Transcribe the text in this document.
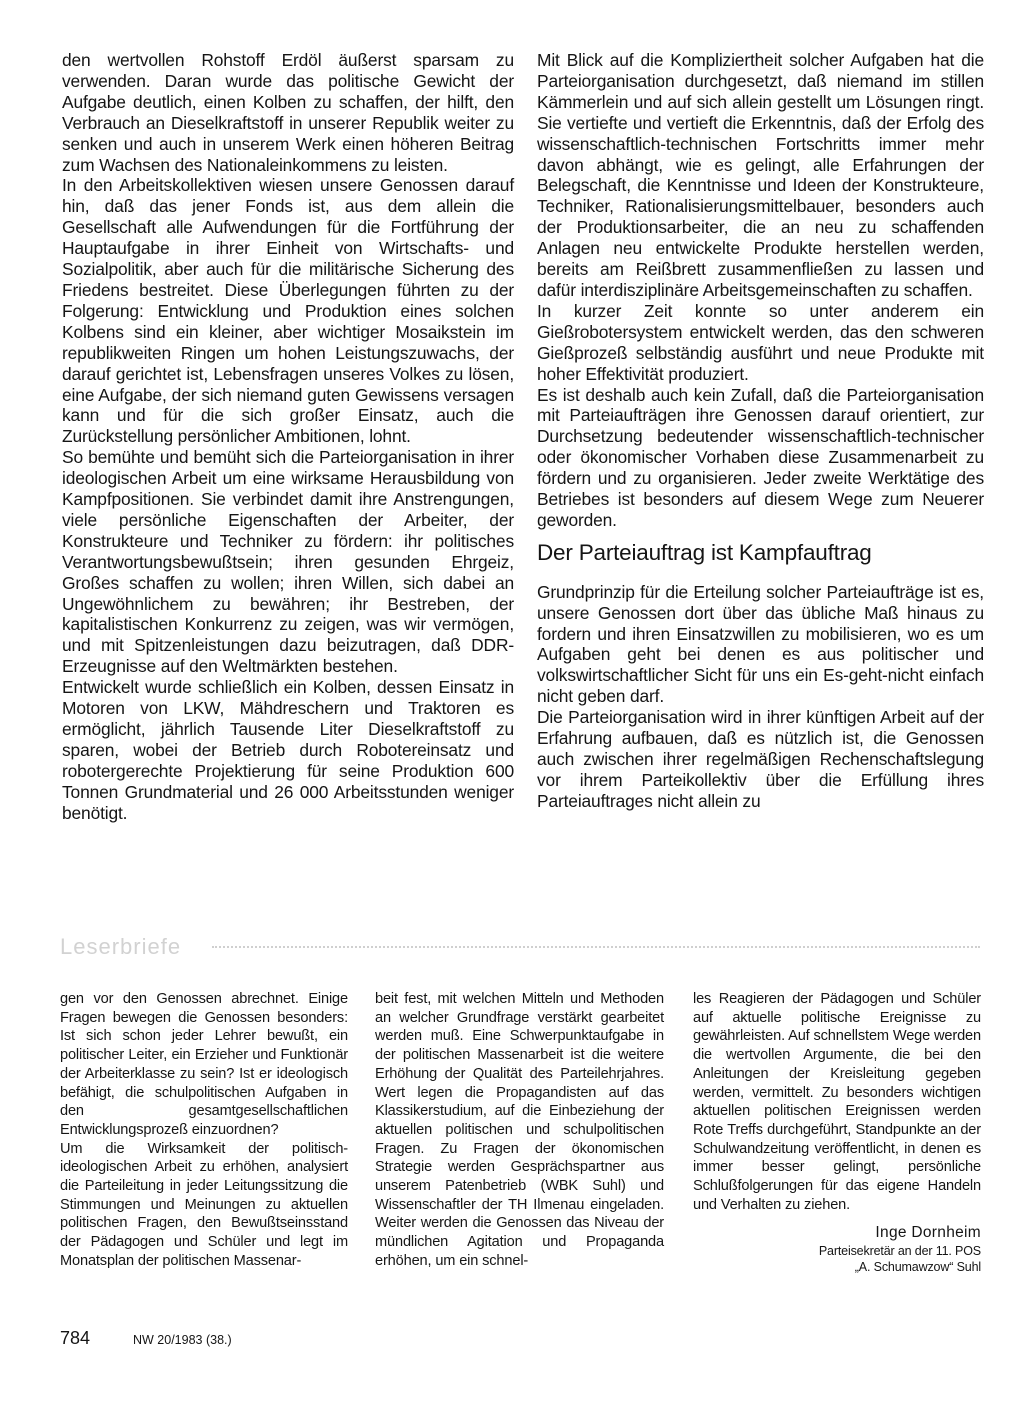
den wertvollen Rohstoff Erdöl äußerst sparsam zu verwenden. Daran wurde das politische Gewicht der Aufgabe deutlich, einen Kolben zu schaffen, der hilft, den Verbrauch an Dieselkraftstoff in unserer Republik weiter zu senken und auch in unserem Werk einen höheren Beitrag zum Wachsen des Nationaleinkommens zu leisten.

In den Arbeitskollektiven wiesen unsere Genossen darauf hin, daß das jener Fonds ist, aus dem allein die Gesellschaft alle Aufwendungen für die Fortführung der Hauptaufgabe in ihrer Einheit von Wirtschafts- und Sozialpolitik, aber auch für die militärische Sicherung des Friedens bestreitet. Diese Überlegungen führten zu der Folgerung: Entwicklung und Produktion eines solchen Kolbens sind ein kleiner, aber wichtiger Mosaikstein im republikweiten Ringen um hohen Leistungszuwachs, der darauf gerichtet ist, Lebensfragen unseres Volkes zu lösen, eine Aufgabe, der sich niemand guten Gewissens versagen kann und für die sich großer Einsatz, auch die Zurückstellung persönlicher Ambitionen, lohnt.

So bemühte und bemüht sich die Parteiorganisation in ihrer ideologischen Arbeit um eine wirksame Herausbildung von Kampfpositionen. Sie verbindet damit ihre Anstrengungen, viele persönliche Eigenschaften der Arbeiter, der Konstrukteure und Techniker zu fördern: ihr politisches Verantwortungsbewußtsein; ihren gesunden Ehrgeiz, Großes schaffen zu wollen; ihren Willen, sich dabei an Ungewöhnlichem zu bewähren; ihr Bestreben, der kapitalistischen Konkurrenz zu zeigen, was wir vermögen, und mit Spitzenleistungen dazu beizutragen, daß DDR-Erzeugnisse auf den Weltmärkten bestehen.

Entwickelt wurde schließlich ein Kolben, dessen Einsatz in Motoren von LKW, Mähdreschern und Traktoren es ermöglicht, jährlich Tausende Liter Dieselkraftstoff zu sparen, wobei der Betrieb durch Robotereinsatz und robotergerechte Projektierung für seine Produktion 600 Tonnen Grundmaterial und 26 000 Arbeitsstunden weniger benötigt.

Mit Blick auf die Kompliziertheit solcher Aufgaben hat die Parteiorganisation durchgesetzt, daß niemand im stillen Kämmerlein und auf sich allein gestellt um Lösungen ringt. Sie vertiefte und vertieft die Erkenntnis, daß der Erfolg des wissenschaftlich-technischen Fortschritts immer mehr davon abhängt, wie es gelingt, alle Erfahrungen der Belegschaft, die Kenntnisse und Ideen der Konstrukteure, Techniker, Rationalisierungsmittelbauer, besonders auch der Produktionsarbeiter, die an neu zu schaffenden Anlagen neu entwickelte Produkte herstellen werden, bereits am Reißbrett zusammenfließen zu lassen und dafür interdisziplinäre Arbeitsgemeinschaften zu schaffen.

In kurzer Zeit konnte so unter anderem ein Gießrobotersystem entwickelt werden, das den schweren Gießprozeß selbständig ausführt und neue Produkte mit hoher Effektivität produziert.

Es ist deshalb auch kein Zufall, daß die Parteiorganisation mit Parteiaufträgen ihre Genossen darauf orientiert, zur Durchsetzung bedeutender wissenschaftlich-technischer oder ökonomischer Vorhaben diese Zusammenarbeit zu fördern und zu organisieren. Jeder zweite Werktätige des Betriebes ist besonders auf diesem Wege zum Neuerer geworden.

Der Parteiauftrag ist Kampfauftrag

Grundprinzip für die Erteilung solcher Parteiaufträge ist es, unsere Genossen dort über das übliche Maß hinaus zu fordern und ihren Einsatzwillen zu mobilisieren, wo es um Aufgaben geht bei denen es aus politischer und volkswirtschaftlicher Sicht für uns ein Es-geht-nicht einfach nicht geben darf.

Die Parteiorganisation wird in ihrer künftigen Arbeit auf der Erfahrung aufbauen, daß es nützlich ist, die Genossen auch zwischen ihrer regelmäßigen Rechenschaftslegung vor ihrem Parteikollektiv über die Erfüllung ihres Parteiauftrages nicht allein zu

Leserbriefe

gen vor den Genossen abrechnet. Einige Fragen bewegen die Genossen besonders: Ist sich schon jeder Lehrer bewußt, ein politischer Leiter, ein Erzieher und Funktionär der Arbeiterklasse zu sein? Ist er ideologisch befähigt, die schulpolitischen Aufgaben in den gesamtgesellschaftlichen Entwicklungsprozeß einzuordnen?

Um die Wirksamkeit der politisch-ideologischen Arbeit zu erhöhen, analysiert die Parteileitung in jeder Leitungssitzung die Stimmungen und Meinungen zu aktuellen politischen Fragen, den Bewußtseinsstand der Pädagogen und Schüler und legt im Monatsplan der politischen Massenar-

beit fest, mit welchen Mitteln und Methoden an welcher Grundfrage verstärkt gearbeitet werden muß. Eine Schwerpunktaufgabe in der politischen Massenarbeit ist die weitere Erhöhung der Qualität des Parteilehrjahres. Wert legen die Propagandisten auf das Klassikerstudium, auf die Einbeziehung der aktuellen politischen und schulpolitischen Fragen. Zu Fragen der ökonomischen Strategie werden Gesprächspartner aus unserem Patenbetrieb (WBK Suhl) und Wissenschaftler der TH Ilmenau eingeladen. Weiter werden die Genossen das Niveau der mündlichen Agitation und Propaganda erhöhen, um ein schnel-

les Reagieren der Pädagogen und Schüler auf aktuelle politische Ereignisse zu gewährleisten. Auf schnellstem Wege werden die wertvollen Argumente, die bei den Anleitungen der Kreisleitung gegeben werden, vermittelt. Zu besonders wichtigen aktuellen politischen Ereignissen werden Rote Treffs durchgeführt, Standpunkte an der Schulwandzeitung veröffentlicht, in denen es immer besser gelingt, persönliche Schlußfolgerungen für das eigene Handeln und Verhalten zu ziehen.

Inge Dornheim
Parteisekretär an der 11. POS
„A. Schumawzow“ Suhl
784	NW 20/1983 (38.)
